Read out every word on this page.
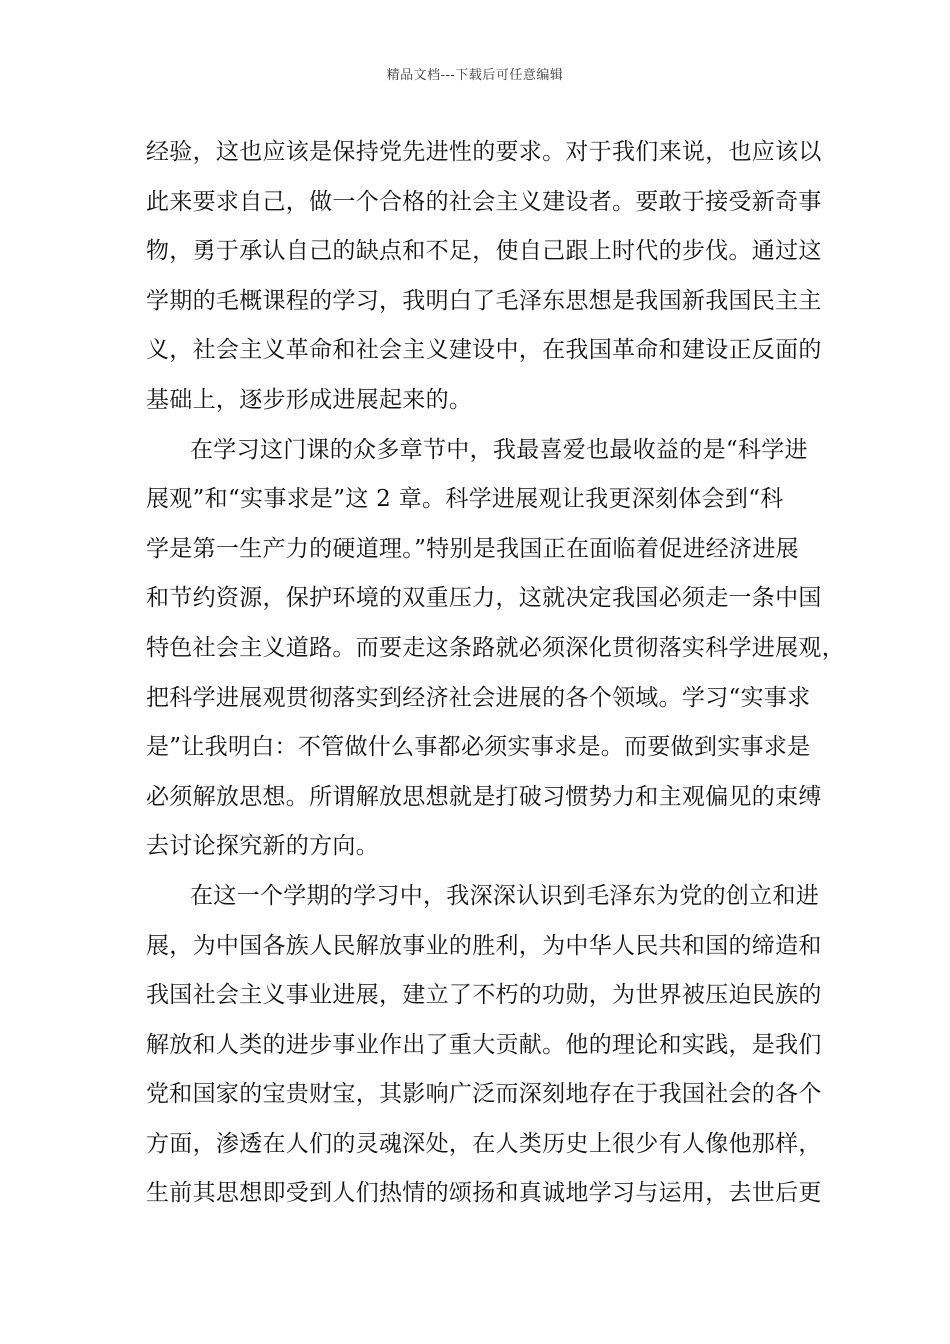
精品文档---下载后可任意编辑
经验，这也应该是保持党先进性的要求。对于我们来说，也应该以
此来要求自己，做一个合格的社会主义建设者。要敢于接受新奇事
物，勇于承认自己的缺点和不足，使自己跟上时代的步伐。通过这
学期的毛概课程的学习，我明白了毛泽东思想是我国新我国民主主
义，社会主义革命和社会主义建设中，在我国革命和建设正反面的
基础上，逐步形成进展起来的。
在学习这门课的众多章节中，我最喜爱也最收益的是“科学进
展观”和“实事求是”这 2 章。科学进展观让我更深刻体会到“科
学是第一生产力的硬道理。”特别是我国正在面临着促进经济进展
和节约资源，保护环境的双重压力，这就决定我国必须走一条中国
特色社会主义道路。而要走这条路就必须深化贯彻落实科学进展观，
把科学进展观贯彻落实到经济社会进展的各个领域。学习“实事求
是”让我明白：不管做什么事都必须实事求是。而要做到实事求是
必须解放思想。所谓解放思想就是打破习惯势力和主观偏见的束缚
去讨论探究新的方向。
在这一个学期的学习中，我深深认识到毛泽东为党的创立和进
展，为中国各族人民解放事业的胜利，为中华人民共和国的缔造和
我国社会主义事业进展，建立了不朽的功勋，为世界被压迫民族的
解放和人类的进步事业作出了重大贡献。他的理论和实践，是我们
党和国家的宝贵财宝，其影响广泛而深刻地存在于我国社会的各个
方面，渗透在人们的灵魂深处，在人类历史上很少有人像他那样，
生前其思想即受到人们热情的颂扬和真诚地学习与运用，去世后更
